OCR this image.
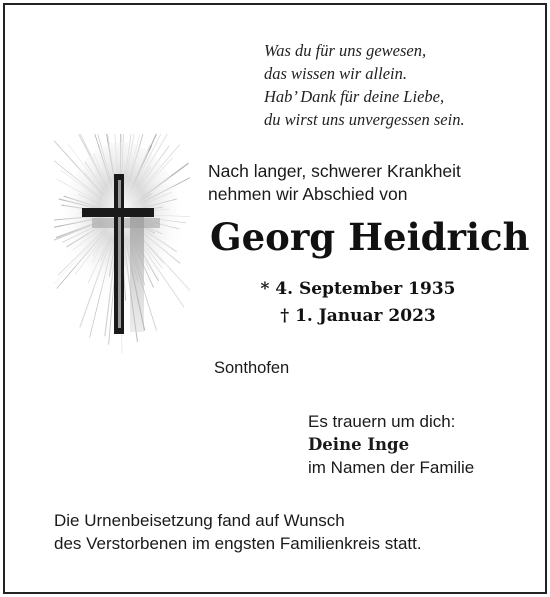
Was du für uns gewesen,
das wissen wir allein.
Hab’ Dank für deine Liebe,
du wirst uns unvergessen sein.
Nach langer, schwerer Krankheit
nehmen wir Abschied von
Georg Heidrich
* 4. September 1935
† 1. Januar 2023
Sonthofen
Es trauern um dich:
Deine Inge
im Namen der Familie
Die Urnenbeisetzung fand auf Wunsch
des Verstorbenen im engsten Familienkreis statt.
